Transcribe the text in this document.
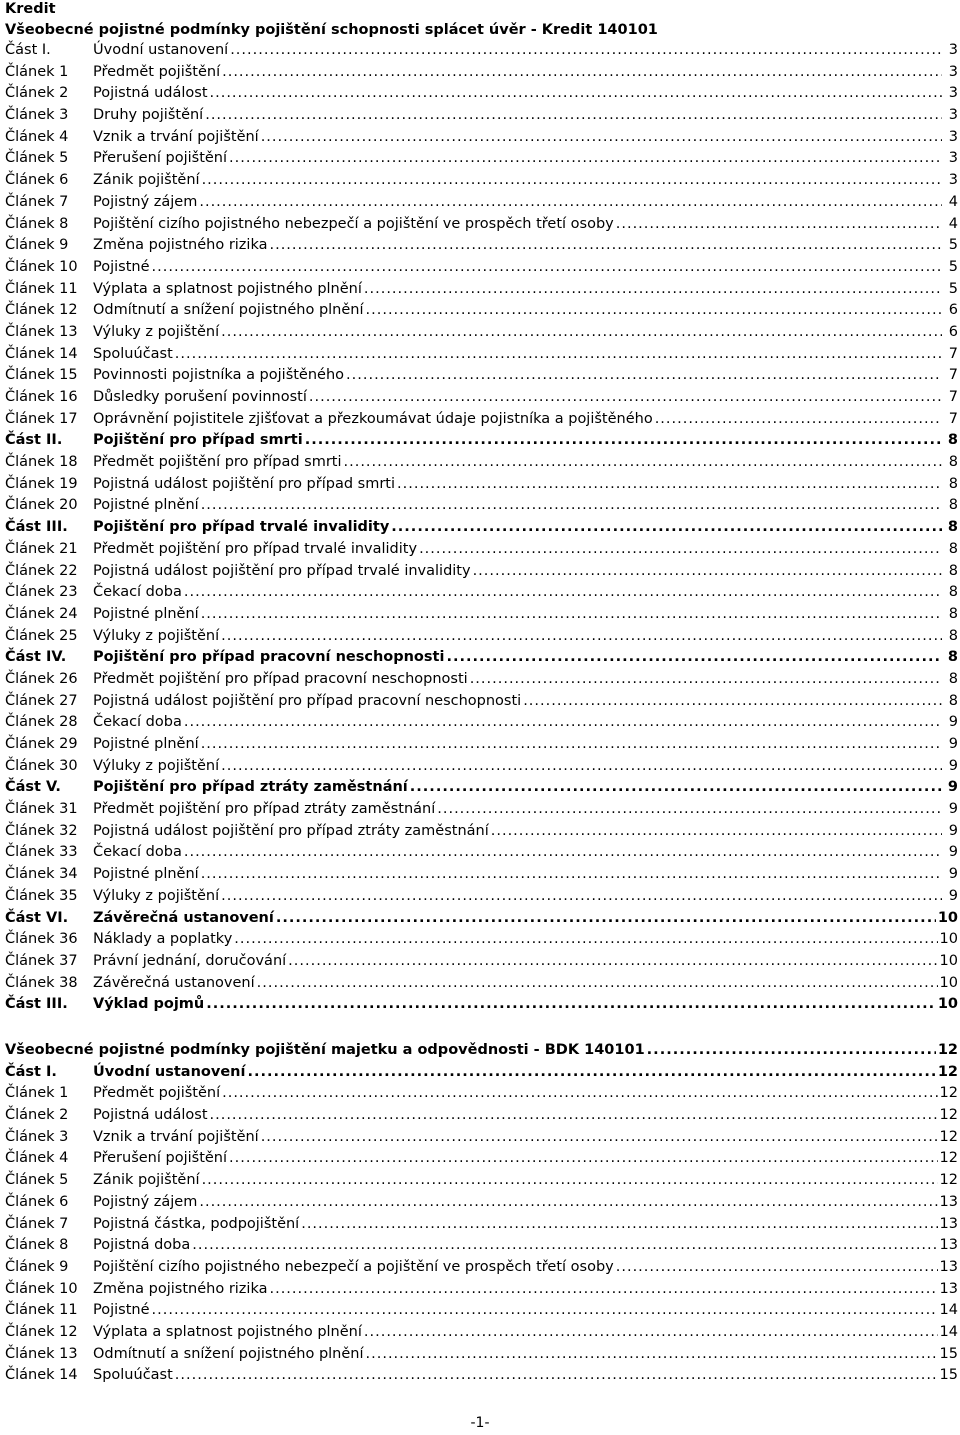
Kredit
Všeobecné pojistné podmínky pojištění schopnosti splácet úvěr - Kredit 140101
Část I.	Úvodní ustanovení .....	3
Článek 1	Předmět pojištění .....	3
Článek 2	Pojistná událost .....	3
Článek 3	Druhy pojištění .....	3
Článek 4	Vznik a trvání pojištění .....	3
Článek 5	Přerušení pojištění .....	3
Článek 6	Zánik pojištění .....	3
Článek 7	Pojistný zájem .....	4
Článek 8	Pojištění cizího pojistného nebezpečí a pojištění ve prospěch třetí osoby .....	4
Článek 9	Změna pojistného rizika .....	5
Článek 10	Pojistné .....	5
Článek 11	Výplata a splatnost pojistného plnění .....	5
Článek 12	Odmítnutí a snížení pojistného plnění .....	6
Článek 13	Výluky z pojištění .....	6
Článek 14	Spoluúčast .....	7
Článek 15	Povinnosti pojistníka a pojištěného .....	7
Článek 16	Důsledky porušení povinností .....	7
Článek 17	Oprávnění pojistitele zjišťovat a přezkoumávat údaje pojistníka a pojištěného .....	7
Část II.	Pojištění pro případ smrti .....	8
Článek 18	Předmět pojištění pro případ smrti .....	8
Článek 19	Pojistná událost pojištění pro případ smrti .....	8
Článek 20	Pojistné plnění .....	8
Část III.	Pojištění pro případ trvalé invalidity .....	8
Článek 21	Předmět pojištění pro případ trvalé invalidity .....	8
Článek 22	Pojistná událost pojištění pro případ trvalé invalidity .....	8
Článek 23	Čekací doba .....	8
Článek 24	Pojistné plnění .....	8
Článek 25	Výluky z pojištění .....	8
Část IV.	Pojištění pro případ pracovní neschopnosti .....	8
Článek 26	Předmět pojištění pro případ pracovní neschopnosti .....	8
Článek 27	Pojistná událost pojištění pro případ pracovní neschopnosti .....	8
Článek 28	Čekací doba .....	9
Článek 29	Pojistné plnění .....	9
Článek 30	Výluky z pojištění .....	9
Část V.	Pojištění pro případ ztráty zaměstnání .....	9
Článek 31	Předmět pojištění pro případ ztráty zaměstnání .....	9
Článek 32	Pojistná událost pojištění pro případ ztráty zaměstnání .....	9
Článek 33	Čekací doba .....	9
Článek 34	Pojistné plnění .....	9
Článek 35	Výluky z pojištění .....	9
Část VI.	Závěrečná ustanovení .....	10
Článek 36	Náklady a poplatky .....	10
Článek 37	Právní jednání, doručování .....	10
Článek 38	Závěrečná ustanovení .....	10
Část III.	Výklad pojmů .....	10
Všeobecné pojistné podmínky pojištění majetku a odpovědnosti - BDK 140101 .....	12
Část I.	Úvodní ustanovení .....	12
Článek 1	Předmět pojištění .....	12
Článek 2	Pojistná událost .....	12
Článek 3	Vznik a trvání pojištění .....	12
Článek 4	Přerušení pojištění .....	12
Článek 5	Zánik pojištění .....	12
Článek 6	Pojistný zájem .....	13
Článek 7	Pojistná částka, podpojištění .....	13
Článek 8	Pojistná doba .....	13
Článek 9	Pojištění cizího pojistného nebezpečí a pojištění ve prospěch třetí osoby .....	13
Článek 10	Změna pojistného rizika .....	13
Článek 11	Pojistné .....	14
Článek 12	Výplata a splatnost pojistného plnění .....	14
Článek 13	Odmítnutí a snížení pojistného plnění .....	15
Článek 14	Spoluúčast .....	15
-1-
